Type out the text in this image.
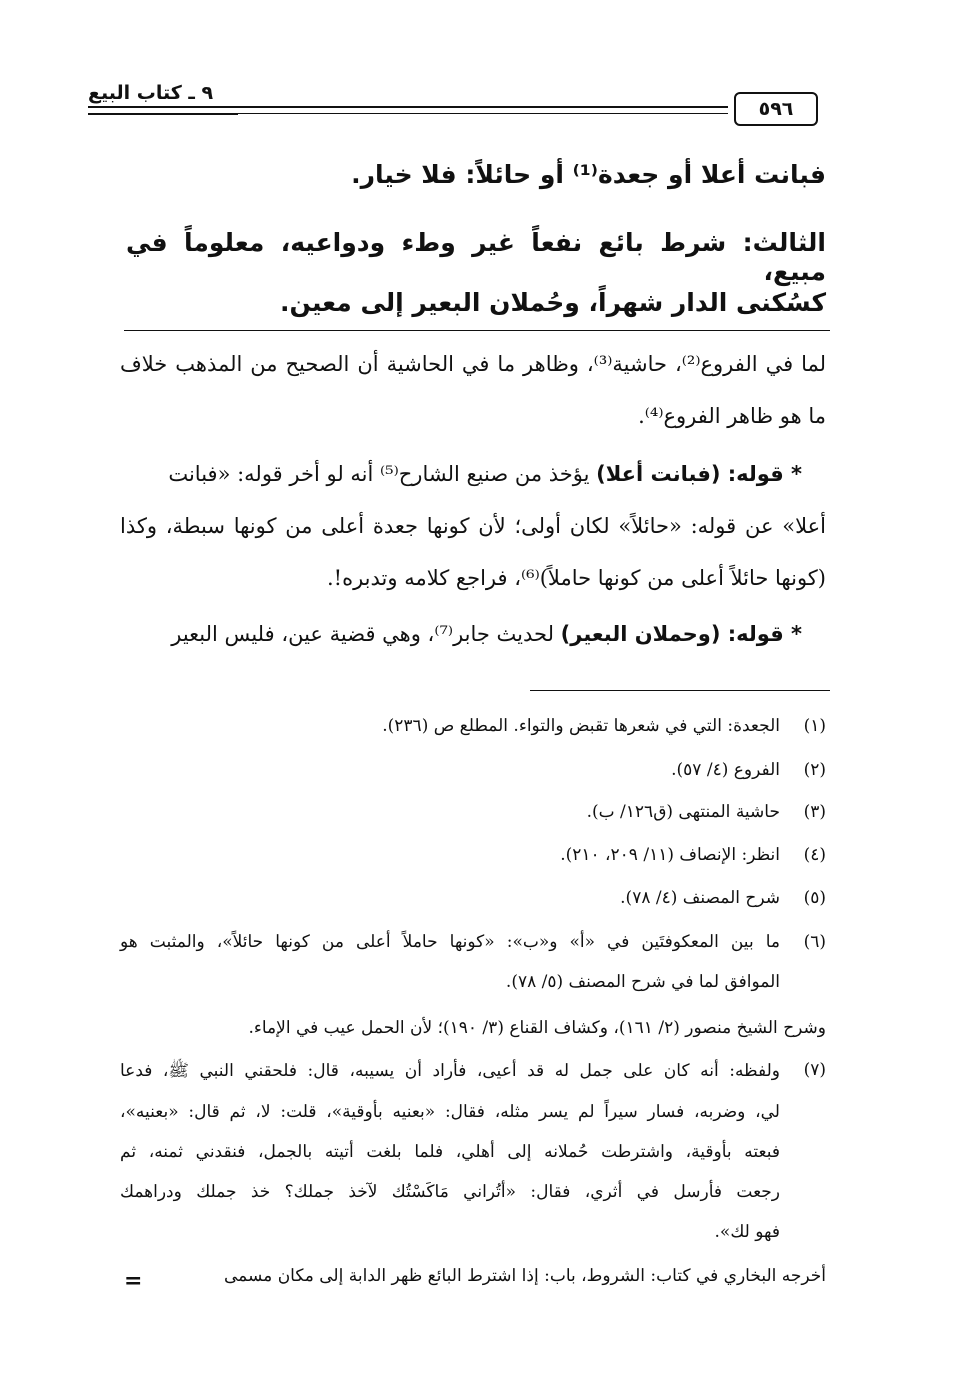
٩ ـ كتاب البيع
٥٩٦
فبانت أعلا أو جعدة⁽¹⁾ أو حائلاً: فلا خيار.
الثالث: شرط بائع نفعاً غير وطء ودواعيه، معلوماً في مبيع،
كسُكنى الدار شهراً، وحُملان البعير إلى معين.
لما في الفروع⁽²⁾، حاشية⁽³⁾، وظاهر ما في الحاشية أن الصحيح من المذهب خلاف
ما هو ظاهر الفروع⁽⁴⁾.
* قوله: (فبانت أعلا) يؤخذ من صنيع الشارح⁽⁵⁾ أنه لو أخر قوله: «فبانت
أعلا» عن قوله: «حائلاً» لكان أولى؛ لأن كونها جعدة أعلى من كونها سبطة، وكذا
(كونها حائلاً أعلى من كونها حاملاً)⁽⁶⁾، فراجع كلامه وتدبره!.
* قوله: (وحملان البعير) لحديث جابر⁽⁷⁾، وهي قضية عين، فليس البعير
(١)
الجعدة: التي في شعرها تقبض والتواء. المطلع ص (٢٣٦).
(٢)
الفروع (٤/ ٥٧).
(٣)
حاشية المنتهى (ق١٢٦/ ب).
(٤)
انظر: الإنصاف (١١/ ٢٠٩، ٢١٠).
(٥)
شرح المصنف (٤/ ٧٨).
(٦)
ما بين المعكوفتَين في «أ» و«ب»: «كونها حاملاً أعلى من كونها حائلاً»، والمثبت هو
الموافق لما في شرح المصنف (٥/ ٧٨).
وشرح الشيخ منصور (٢/ ١٦١)، وكشاف القناع (٣/ ١٩٠)؛ لأن الحمل عيب في الإماء.
(٧)
ولفظه: أنه كان على جمل له قد أعيى، فأراد أن يسيبه، قال: فلحقني النبي ﷺ، فدعا
لي، وضربه، فسار سيراً لم يسر مثله، فقال: «بعنيه بأوقية»، قلت: لا، ثم قال: «بعنيه»،
فبعته بأوقية، واشترطت حُملانه إلى أهلي، فلما بلغت أتيته بالجمل، فنقدني ثمنه، ثم
رجعت فأرسل في أثري، فقال: «أتُراني مَاكَسْتُك لآخذ جملك؟ خذ جملك ودراهمك
فهو لك».
أخرجه البخاري في كتاب: الشروط، باب: إذا اشترط البائع ظهر الدابة إلى مكان مسمى
=
